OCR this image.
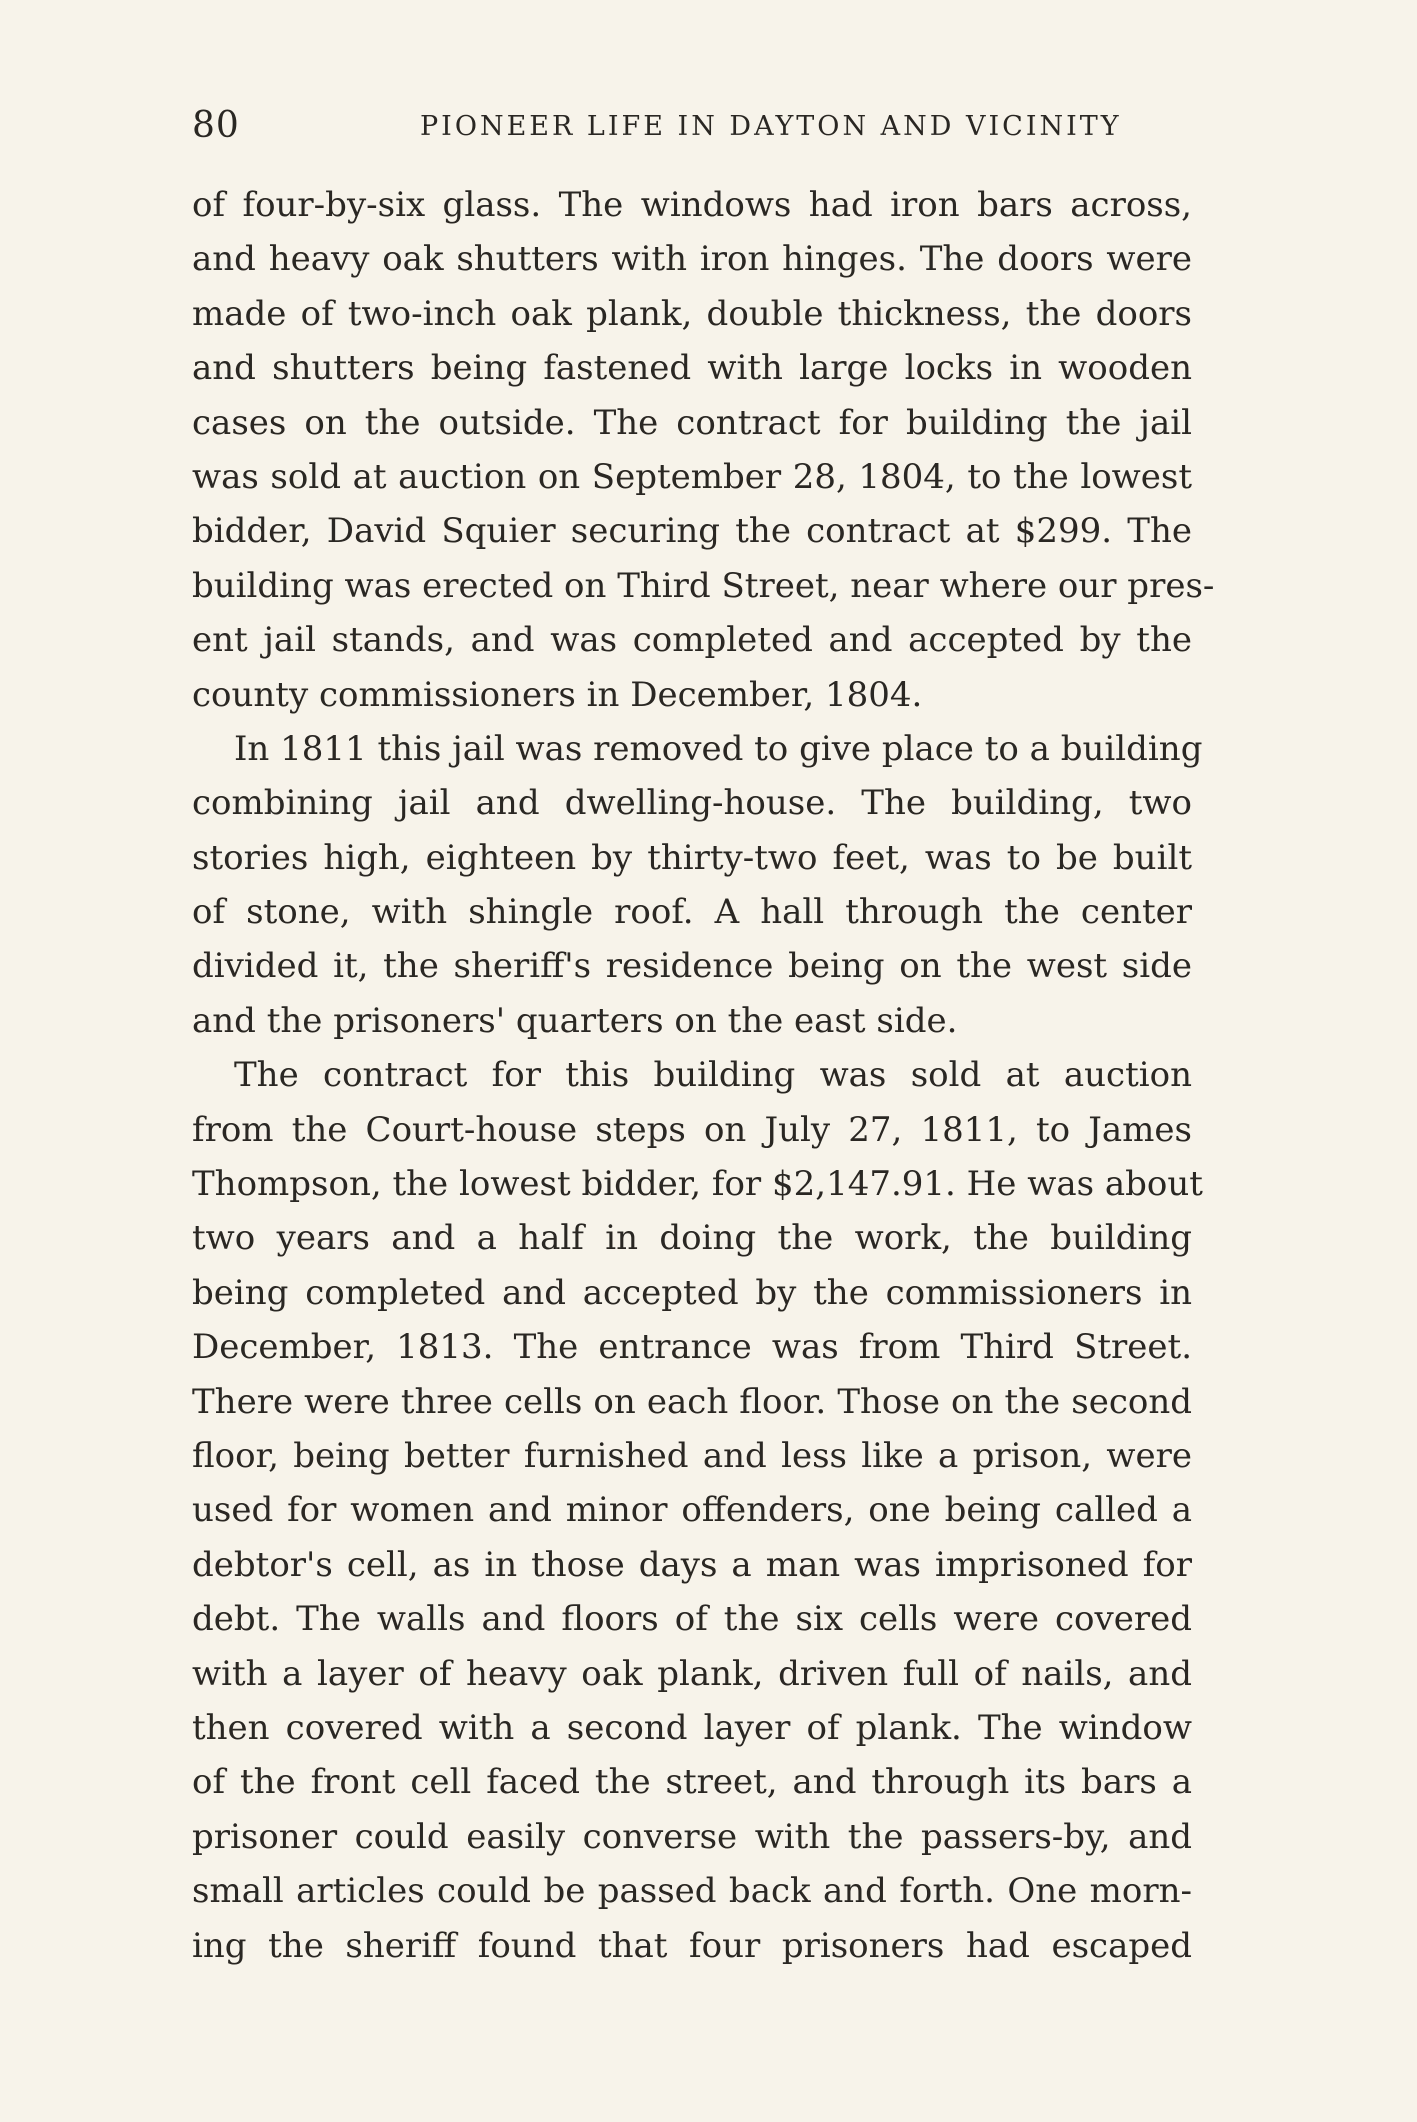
80	PIONEER LIFE IN DAYTON AND VICINITY
of four-by-six glass. The windows had iron bars across,
and heavy oak shutters with iron hinges. The doors were
made of two-inch oak plank, double thickness, the doors
and shutters being fastened with large locks in wooden
cases on the outside. The contract for building the jail
was sold at auction on September 28, 1804, to the lowest
bidder, David Squier securing the contract at $299. The
building was erected on Third Street, near where our pres-
ent jail stands, and was completed and accepted by the
county commissioners in December, 1804.
In 1811 this jail was removed to give place to a building
combining jail and dwelling-house. The building, two
stories high, eighteen by thirty-two feet, was to be built
of stone, with shingle roof. A hall through the center
divided it, the sheriff's residence being on the west side
and the prisoners' quarters on the east side.
The contract for this building was sold at auction
from the Court-house steps on July 27, 1811, to James
Thompson, the lowest bidder, for $2,147.91. He was about
two years and a half in doing the work, the building
being completed and accepted by the commissioners in
December, 1813. The entrance was from Third Street.
There were three cells on each floor. Those on the second
floor, being better furnished and less like a prison, were
used for women and minor offenders, one being called a
debtor's cell, as in those days a man was imprisoned for
debt. The walls and floors of the six cells were covered
with a layer of heavy oak plank, driven full of nails, and
then covered with a second layer of plank. The window
of the front cell faced the street, and through its bars a
prisoner could easily converse with the passers-by, and
small articles could be passed back and forth. One morn-
ing the sheriff found that four prisoners had escaped
